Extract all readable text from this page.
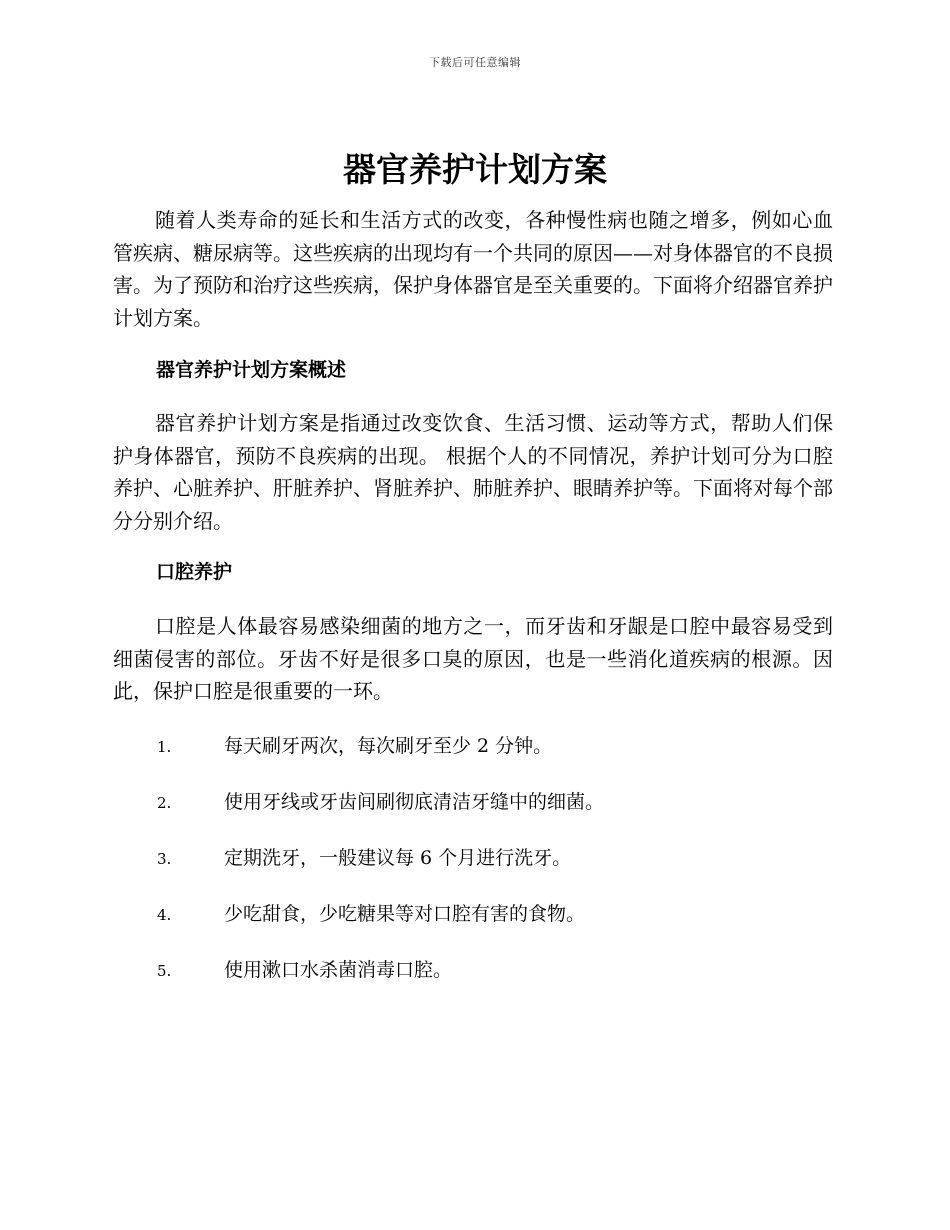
下载后可任意编辑
器官养护计划方案

随着人类寿命的延长和生活方式的改变，各种慢性病也随之增多，例如心血管疾病、糖尿病等。这些疾病的出现均有一个共同的原因——对身体器官的不良损害。为了预防和治疗这些疾病，保护身体器官是至关重要的。下面将介绍器官养护计划方案。

器官养护计划方案概述

器官养护计划方案是指通过改变饮食、生活习惯、运动等方式，帮助人们保护身体器官，预防不良疾病的出现。 根据个人的不同情况，养护计划可分为口腔养护、心脏养护、肝脏养护、肾脏养护、肺脏养护、眼睛养护等。下面将对每个部分分别介绍。

口腔养护

口腔是人体最容易感染细菌的地方之一，而牙齿和牙龈是口腔中最容易受到细菌侵害的部位。牙齿不好是很多口臭的原因，也是一些消化道疾病的根源。因此，保护口腔是很重要的一环。

1.	每天刷牙两次，每次刷牙至少 2 分钟。
2.	使用牙线或牙齿间刷彻底清洁牙缝中的细菌。
3.	定期洗牙，一般建议每 6 个月进行洗牙。
4.	少吃甜食，少吃糖果等对口腔有害的食物。
5.	使用漱口水杀菌消毒口腔。
